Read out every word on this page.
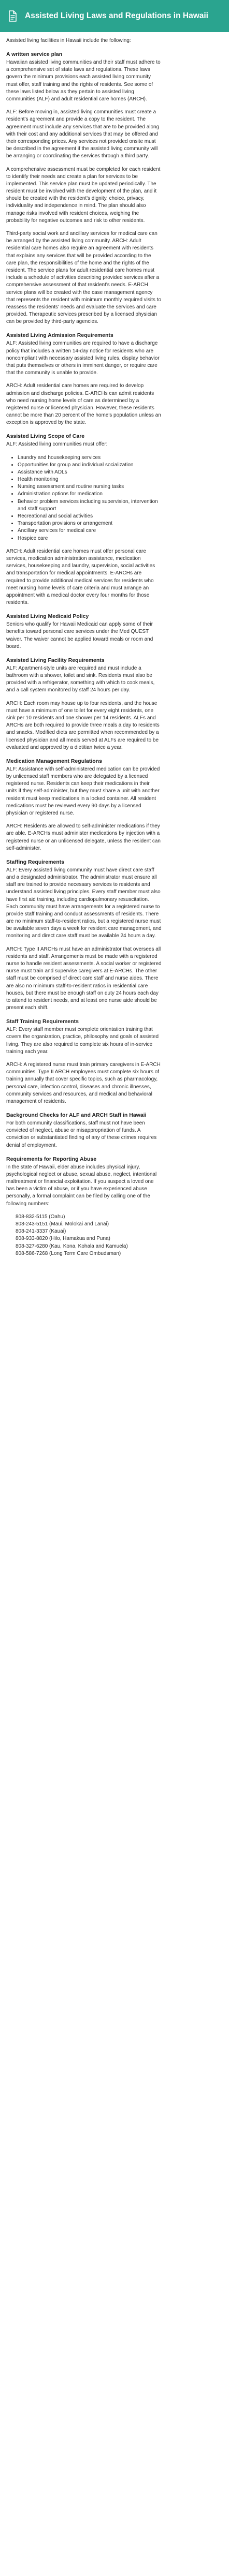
Assisted Living Laws and Regulations in Hawaii

Assisted living facilities in Hawaii include the following:

A written service plan

Hawaiian assisted living communities and their staff must adhere to a comprehensive set of state laws and regulations. These laws govern the minimum provisions each assisted living community must offer, staff training and the rights of residents. See some of these laws listed below as they pertain to assisted living communities (ALF) and adult residential care homes (ARCH).

ALF: Before moving in, assisted living communities must create a resident's agreement and provide a copy to the resident. The agreement must include any services that are to be provided along with their cost and any additional services that may be offered and their corresponding prices. Any services not provided onsite must be described in the agreement if the assisted living community will be arranging or coordinating the services through a third party.

A comprehensive assessment must be completed for each resident to identify their needs and create a plan for services to be implemented. This service plan must be updated periodically. The resident must be involved with the development of the plan, and it should be created with the resident's dignity, choice, privacy, individuality and independence in mind. The plan should also manage risks involved with resident choices, weighing the probability for negative outcomes and risk to other residents.

Third-party social work and ancillary services for medical care can be arranged by the assisted living community. ARCH: Adult residential care homes also require an agreement with residents that explains any services that will be provided according to the care plan, the responsibilities of the home and the rights of the resident. The service plans for adult residential care homes must include a schedule of activities describing provided services after a comprehensive assessment of that resident's needs. E-ARCH service plans will be created with the case management agency that represents the resident with minimum monthly required visits to reassess the residents' needs and evaluate the services and care provided. Therapeutic services prescribed by a licensed physician can be provided by third-party agencies.

Assisted Living Admission Requirements

ALF: Assisted living communities are required to have a discharge policy that includes a written 14-day notice for residents who are noncompliant with necessary assisted living rules, display behavior that puts themselves or others in imminent danger, or require care that the community is unable to provide.

ARCH: Adult residential care homes are required to develop admission and discharge policies. E-ARCHs can admit residents who need nursing home levels of care as determined by a registered nurse or licensed physician. However, these residents cannot be more than 20 percent of the home's population unless an exception is approved by the state.

Assisted Living Scope of Care

ALF: Assisted living communities must offer:

• Laundry and housekeeping services
• Opportunities for group and individual socialization
• Assistance with ADLs
• Health monitoring
• Nursing assessment and routine nursing tasks
• Administration options for medication
• Behavior problem services including supervision, intervention and staff support
• Recreational and social activities
• Transportation provisions or arrangement
• Ancillary services for medical care
• Hospice care

ARCH: Adult residential care homes must offer personal care services, medication administration assistance, medication services, housekeeping and laundry, supervision, social activities and transportation for medical appointments. E-ARCHs are required to provide additional medical services for residents who meet nursing home levels of care criteria and must arrange an appointment with a medical doctor every four months for those residents.

Assisted Living Medicaid Policy

Seniors who qualify for Hawaii Medicaid can apply some of their benefits toward personal care services under the Med QUEST waiver. The waiver cannot be applied toward meals or room and board.

Assisted Living Facility Requirements

ALF: Apartment-style units are required and must include a bathroom with a shower, toilet and sink. Residents must also be provided with a refrigerator, something with which to cook meals, and a call system monitored by staff 24 hours per day.

ARCH: Each room may house up to four residents, and the house must have a minimum of one toilet for every eight residents, one sink per 10 residents and one shower per 14 residents. ALFs and ARCHs are both required to provide three meals a day to residents and snacks. Modified diets are permitted when recommended by a licensed physician and all meals served at ALFs are required to be evaluated and approved by a dietitian twice a year.

Medication Management Regulations

ALF: Assistance with self-administered medication can be provided by unlicensed staff members who are delegated by a licensed registered nurse. Residents can keep their medications in their units if they self-administer, but they must share a unit with another resident must keep medications in a locked container. All resident medications must be reviewed every 90 days by a licensed physician or registered nurse.

ARCH: Residents are allowed to self-administer medications if they are able. E-ARCHs must administer medications by injection with a registered nurse or an unlicensed delegate, unless the resident can self-administer.

Staffing Requirements

ALF: Every assisted living community must have direct care staff and a designated administrator. The administrator must ensure all staff are trained to provide necessary services to residents and understand assisted living principles. Every staff member must also have first aid training, including cardiopulmonary resuscitation. Each community must have arrangements for a registered nurse to provide staff training and conduct assessments of residents. There are no minimum staff-to-resident ratios, but a registered nurse must be available seven days a week for resident care management, and monitoring and direct care staff must be available 24 hours a day.

ARCH: Type II ARCHs must have an administrator that oversees all residents and staff. Arrangements must be made with a registered nurse to handle resident assessments. A social worker or registered nurse must train and supervise caregivers at E-ARCHs. The other staff must be comprised of direct care staff and nurse aides. There are also no minimum staff-to-resident ratios in residential care houses, but there must be enough staff on duty 24 hours each day to attend to resident needs, and at least one nurse aide should be present each shift.

Staff Training Requirements

ALF: Every staff member must complete orientation training that covers the organization, practice, philosophy and goals of assisted living. They are also required to complete six hours of in-service training each year.

ARCH: A registered nurse must train primary caregivers in E-ARCH communities. Type II ARCH employees must complete six hours of training annually that cover specific topics, such as pharmacology, personal care, infection control, diseases and chronic illnesses, community services and resources, and medical and behavioral management of residents.

Background Checks for ALF and ARCH Staff in Hawaii

For both community classifications, staff must not have been convicted of neglect, abuse or misappropriation of funds. A conviction or substantiated finding of any of these crimes requires denial of employment.

Requirements for Reporting Abuse

In the state of Hawaii, elder abuse includes physical injury, psychological neglect or abuse, sexual abuse, neglect, intentional maltreatment or financial exploitation. If you suspect a loved one has been a victim of abuse, or if you have experienced abuse personally, a formal complaint can be filed by calling one of the following numbers:

808-832-5115 (Oahu)
808-243-5151 (Maui, Molokai and Lanai)
808-241-3337 (Kauai)
808-933-8820 (Hilo, Hamakua and Puna)
808-327-6280 (Kau, Kona, Kohala and Kamuela)
808-586-7268 (Long Term Care Ombudsman)
